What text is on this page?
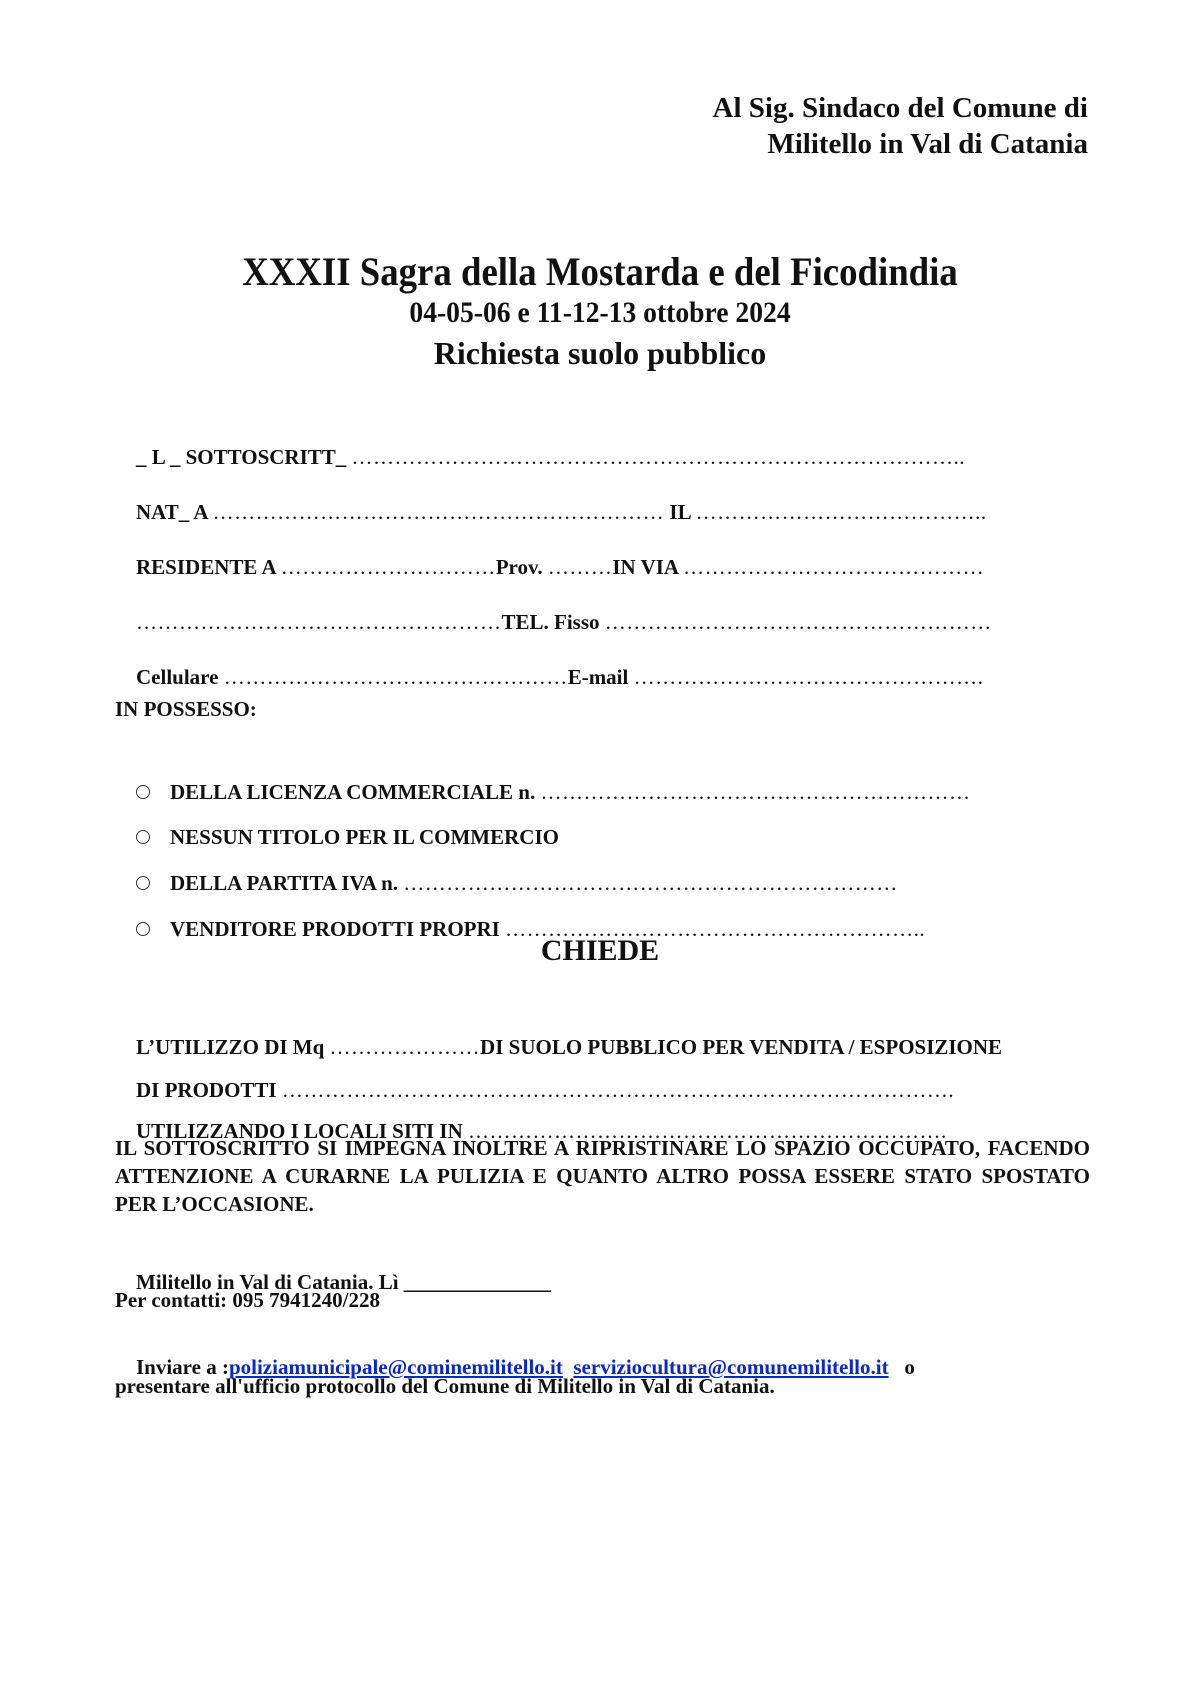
Al Sig. Sindaco del Comune di
Militello in Val di Catania
XXXII Sagra della Mostarda e del Ficodindia
04-05-06 e 11-12-13 ottobre 2024
Richiesta suolo pubblico

_ L _ SOTTOSCRITT_ …………………………………………………………………………..

NAT_ A ……………………………………………………… IL …………………………………..

RESIDENTE A …………………………Prov. ………IN VIA ……………………………………

……………………………………………TEL. Fisso ………………………………………………

Cellulare …………………………………………E-mail ………………………………………….

IN POSSESSO:

DELLA LICENZA COMMERCIALE n. ……………………………………………………

NESSUN TITOLO PER IL COMMERCIO

DELLA PARTITA IVA n. ……………………………………………………………

VENDITORE PRODOTTI PROPRI …………………………………………………..

CHIEDE

L’UTILIZZO DI Mq …………………DI SUOLO PUBBLICO PER VENDITA / ESPOSIZIONE

DI PRODOTTI ………………………………………………………………………………….

UTILIZZANDO I LOCALI SITI IN ………………………………………………………….

IL SOTTOSCRITTO SI IMPEGNA INOLTRE A RIPRISTINARE LO SPAZIO OCCUPATO, FACENDO ATTENZIONE A CURARNE LA PULIZIA E QUANTO ALTRO POSSA ESSERE STATO SPOSTATO PER L’OCCASIONE.

Militello in Val di Catania. Lì ______________

Per contatti: 095 7941240/228

Inviare a :poliziamunicipale@cominemilitello.it serviziocultura@comunemilitello.it o

presentare all'ufficio protocollo del Comune di Militello in Val di Catania.
